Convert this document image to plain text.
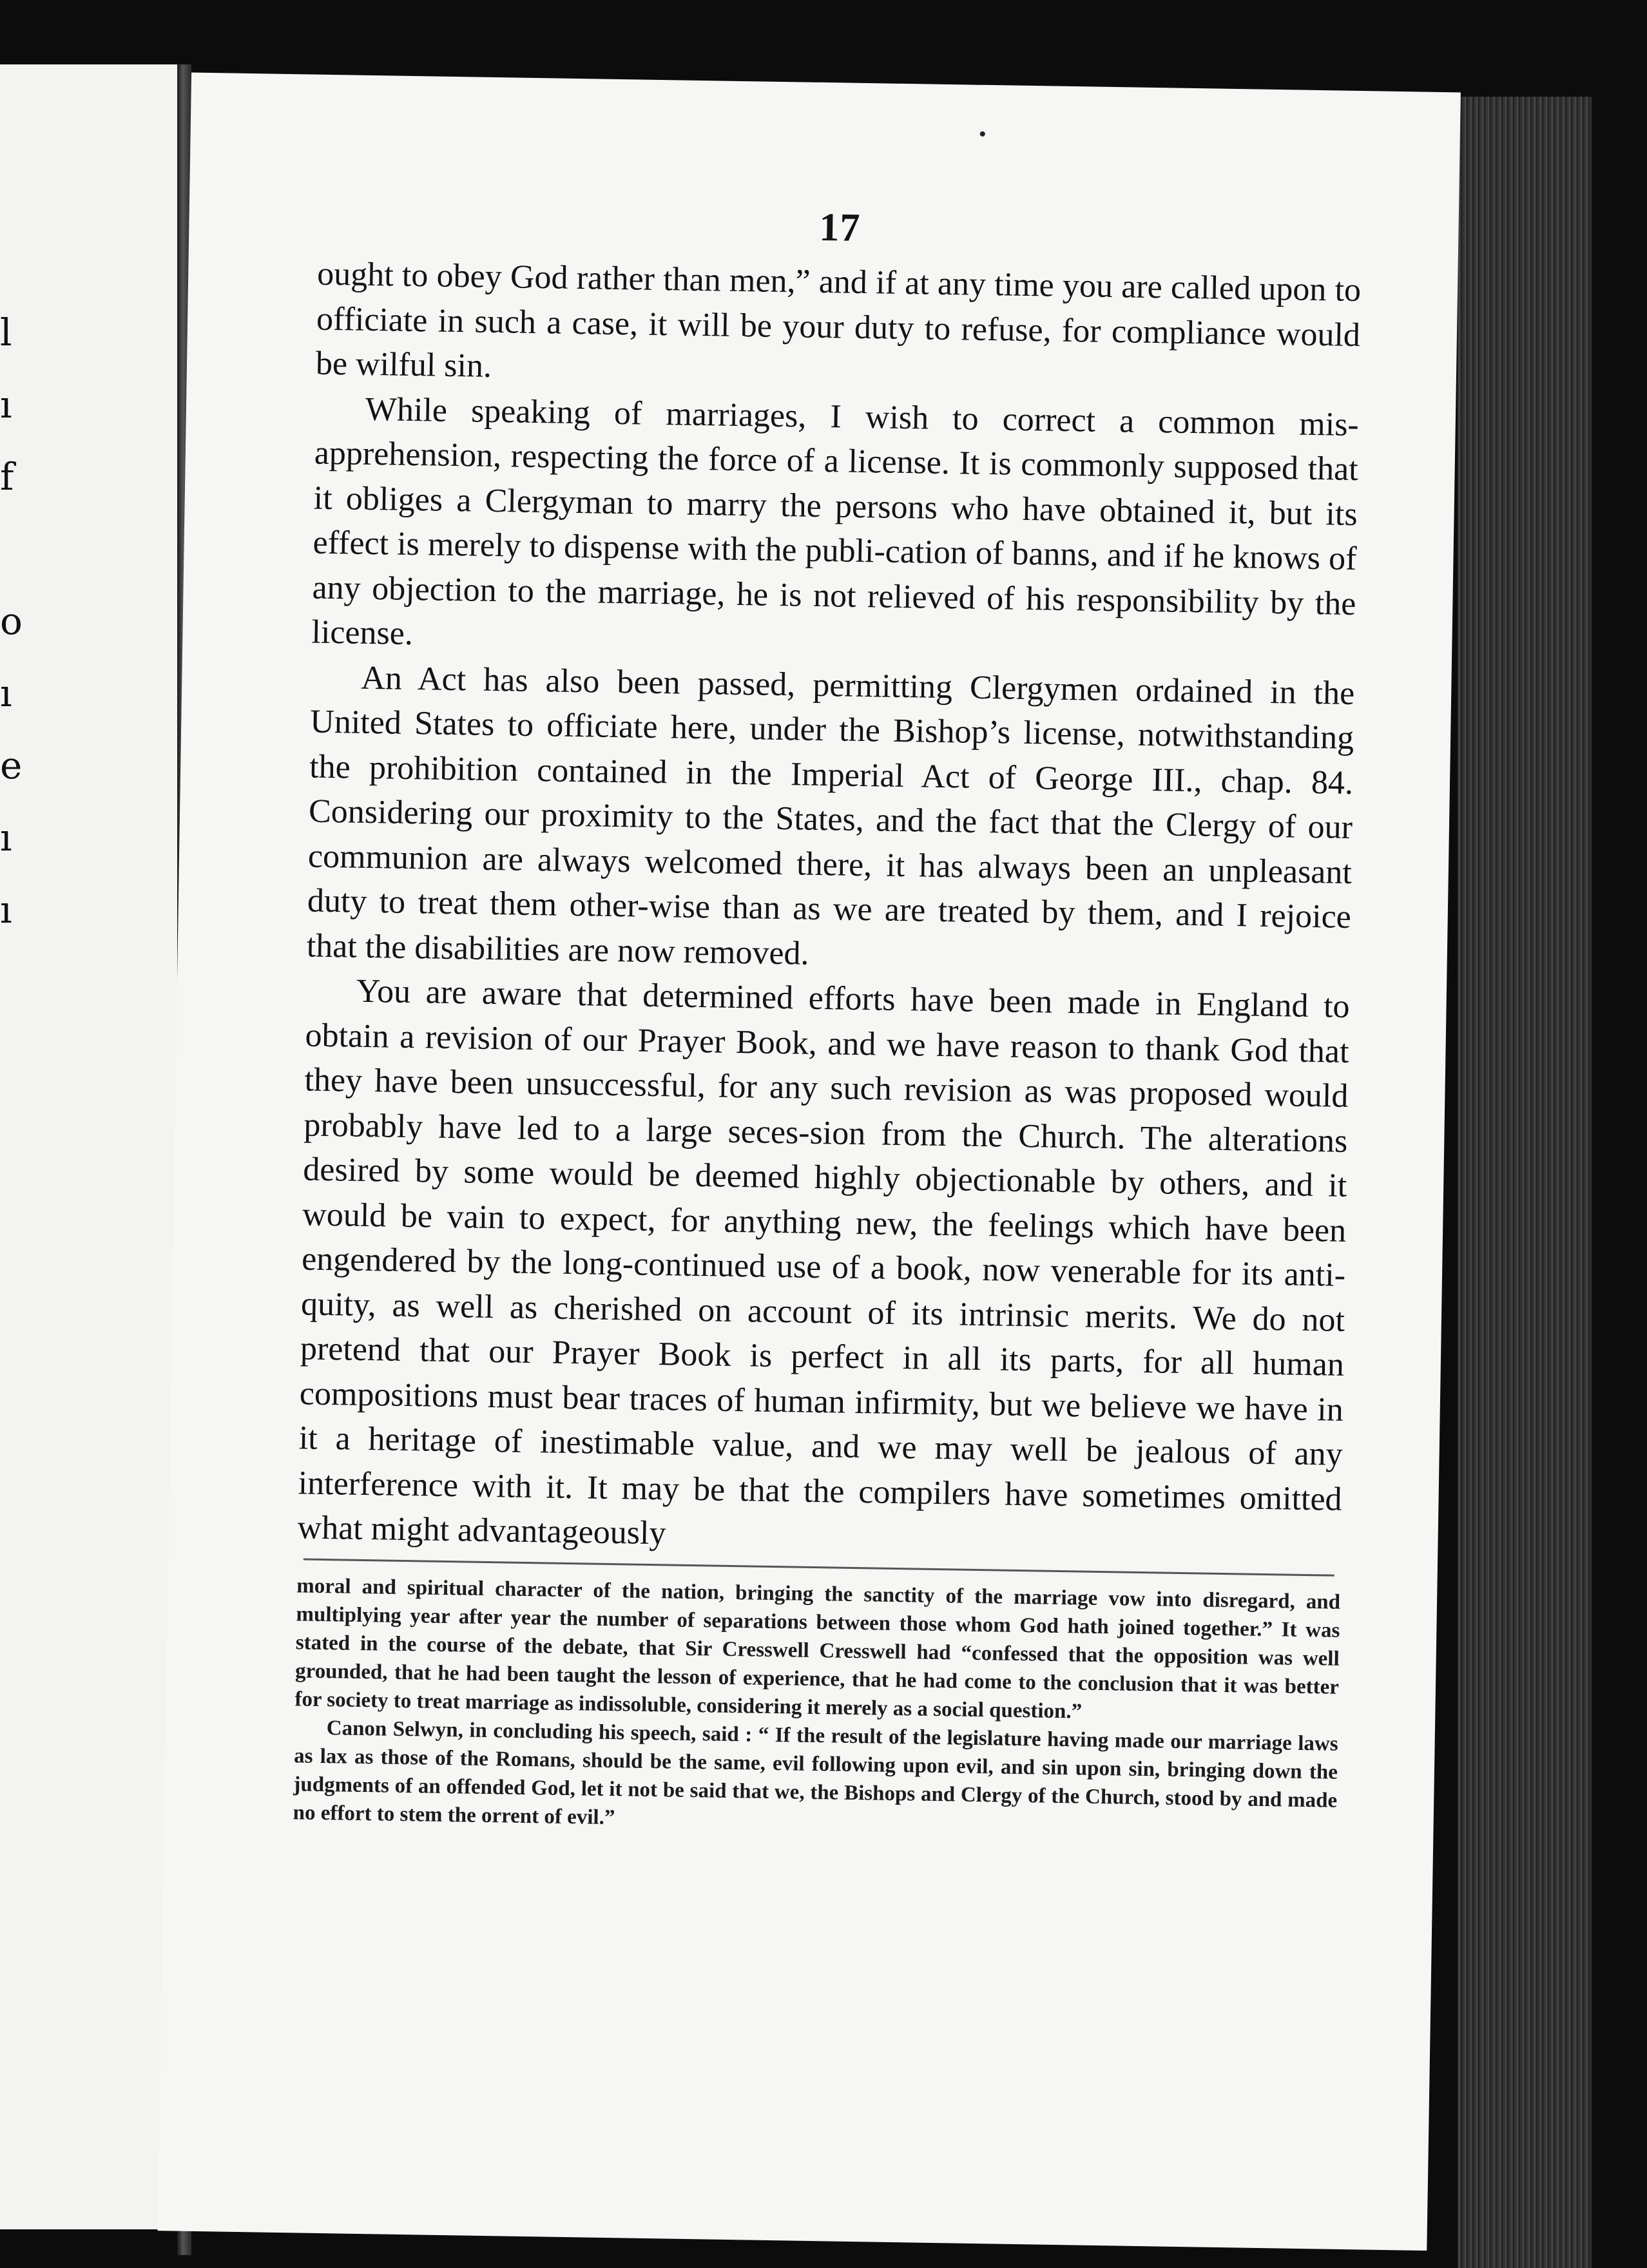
l
ı
f
o
ı
e
ı
ı
17

ought to obey God rather than men,” and if at any time you are called upon to officiate in such a case, it will be your duty to refuse, for compliance would be wilful sin.

While speaking of marriages, I wish to correct a common mis-apprehension, respecting the force of a license. It is commonly supposed that it obliges a Clergyman to marry the persons who have obtained it, but its effect is merely to dispense with the publi-cation of banns, and if he knows of any objection to the marriage, he is not relieved of his responsibility by the license.

An Act has also been passed, permitting Clergymen ordained in the United States to officiate here, under the Bishop’s license, notwithstanding the prohibition contained in the Imperial Act of George III., chap. 84. Considering our proximity to the States, and the fact that the Clergy of our communion are always welcomed there, it has always been an unpleasant duty to treat them other-wise than as we are treated by them, and I rejoice that the disabilities are now removed.

You are aware that determined efforts have been made in England to obtain a revision of our Prayer Book, and we have reason to thank God that they have been unsuccessful, for any such revision as was proposed would probably have led to a large seces-sion from the Church. The alterations desired by some would be deemed highly objectionable by others, and it would be vain to expect, for anything new, the feelings which have been engendered by the long-continued use of a book, now venerable for its anti-quity, as well as cherished on account of its intrinsic merits. We do not pretend that our Prayer Book is perfect in all its parts, for all human compositions must bear traces of human infirmity, but we believe we have in it a heritage of inestimable value, and we may well be jealous of any interference with it. It may be that the compilers have sometimes omitted what might advantageously

moral and spiritual character of the nation, bringing the sanctity of the marriage vow into disregard, and multiplying year after year the number of separations between those whom God hath joined together.” It was stated in the course of the debate, that Sir Cresswell Cresswell had “confessed that the opposition was well grounded, that he had been taught the lesson of experience, that he had come to the conclusion that it was better for society to treat marriage as indissoluble, considering it merely as a social question.”

Canon Selwyn, in concluding his speech, said : “ If the result of the legislature having made our marriage laws as lax as those of the Romans, should be the same, evil following upon evil, and sin upon sin, bringing down the judgments of an offended God, let it not be said that we, the Bishops and Clergy of the Church, stood by and made no effort to stem the orrent of evil.”
